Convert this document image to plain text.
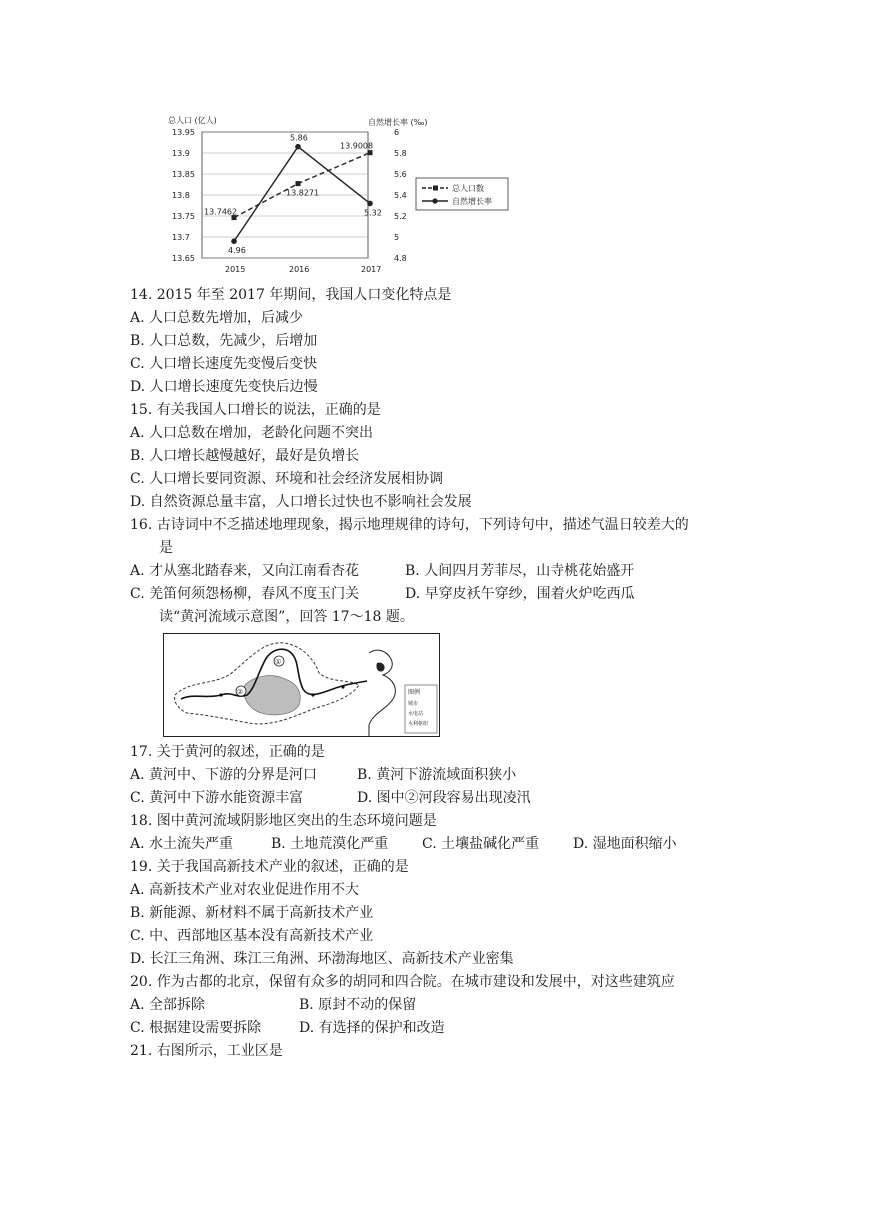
总人口 (亿人)	自然增长率 (‰)
13.95
13.9
13.85
13.8
13.75
13.7
13.65
6
5.8
5.6
5.4
5.2
5
4.8
2015	2016	2017
13.7462
13.8271
13.9008
4.96
5.86
5.32
总人口数
自然增长率
14. 2015 年至 2017 年期间，我国人口变化特点是
A. 人口总数先增加，后减少
B. 人口总数，先减少，后增加
C. 人口增长速度先变慢后变快
D. 人口增长速度先变快后边慢
15. 有关我国人口增长的说法，正确的是
A. 人口总数在增加，老龄化问题不突出
B. 人口增长越慢越好，最好是负增长
C. 人口增长要同资源、环境和社会经济发展相协调
D. 自然资源总量丰富，人口增长过快也不影响社会发展
16. 古诗词中不乏描述地理现象，揭示地理规律的诗句，下列诗句中，描述气温日较差大的
是
A. 才从塞北踏春来，又向江南看杏花	B. 人间四月芳菲尽，山寺桃花始盛开
C. 羌笛何须怨杨柳，春风不度玉门关	D. 早穿皮袄午穿纱，围着火炉吃西瓜
读“黄河流域示意图”，回答 17～18 题。
17. 关于黄河的叙述，正确的是
A. 黄河中、下游的分界是河口	B. 黄河下游流域面积狭小
C. 黄河中下游水能资源丰富	D. 图中②河段容易出现凌汛
18. 图中黄河流域阴影地区突出的生态环境问题是
A. 水土流失严重	B. 土地荒漠化严重 C. 土壤盐碱化严重 D. 湿地面积缩小
19. 关于我国高新技术产业的叙述，正确的是
A. 高新技术产业对农业促进作用不大
B. 新能源、新材料不属于高新技术产业
C. 中、西部地区基本没有高新技术产业
D. 长江三角洲、珠江三角洲、环渤海地区、高新技术产业密集
20. 作为古都的北京，保留有众多的胡同和四合院。在城市建设和发展中，对这些建筑应
A. 全部拆除	B. 原封不动的保留
C. 根据建设需要拆除	D. 有选择的保护和改造
21. 右图所示，工业区是
①
②	图例
城市
水电站
水利枢纽
